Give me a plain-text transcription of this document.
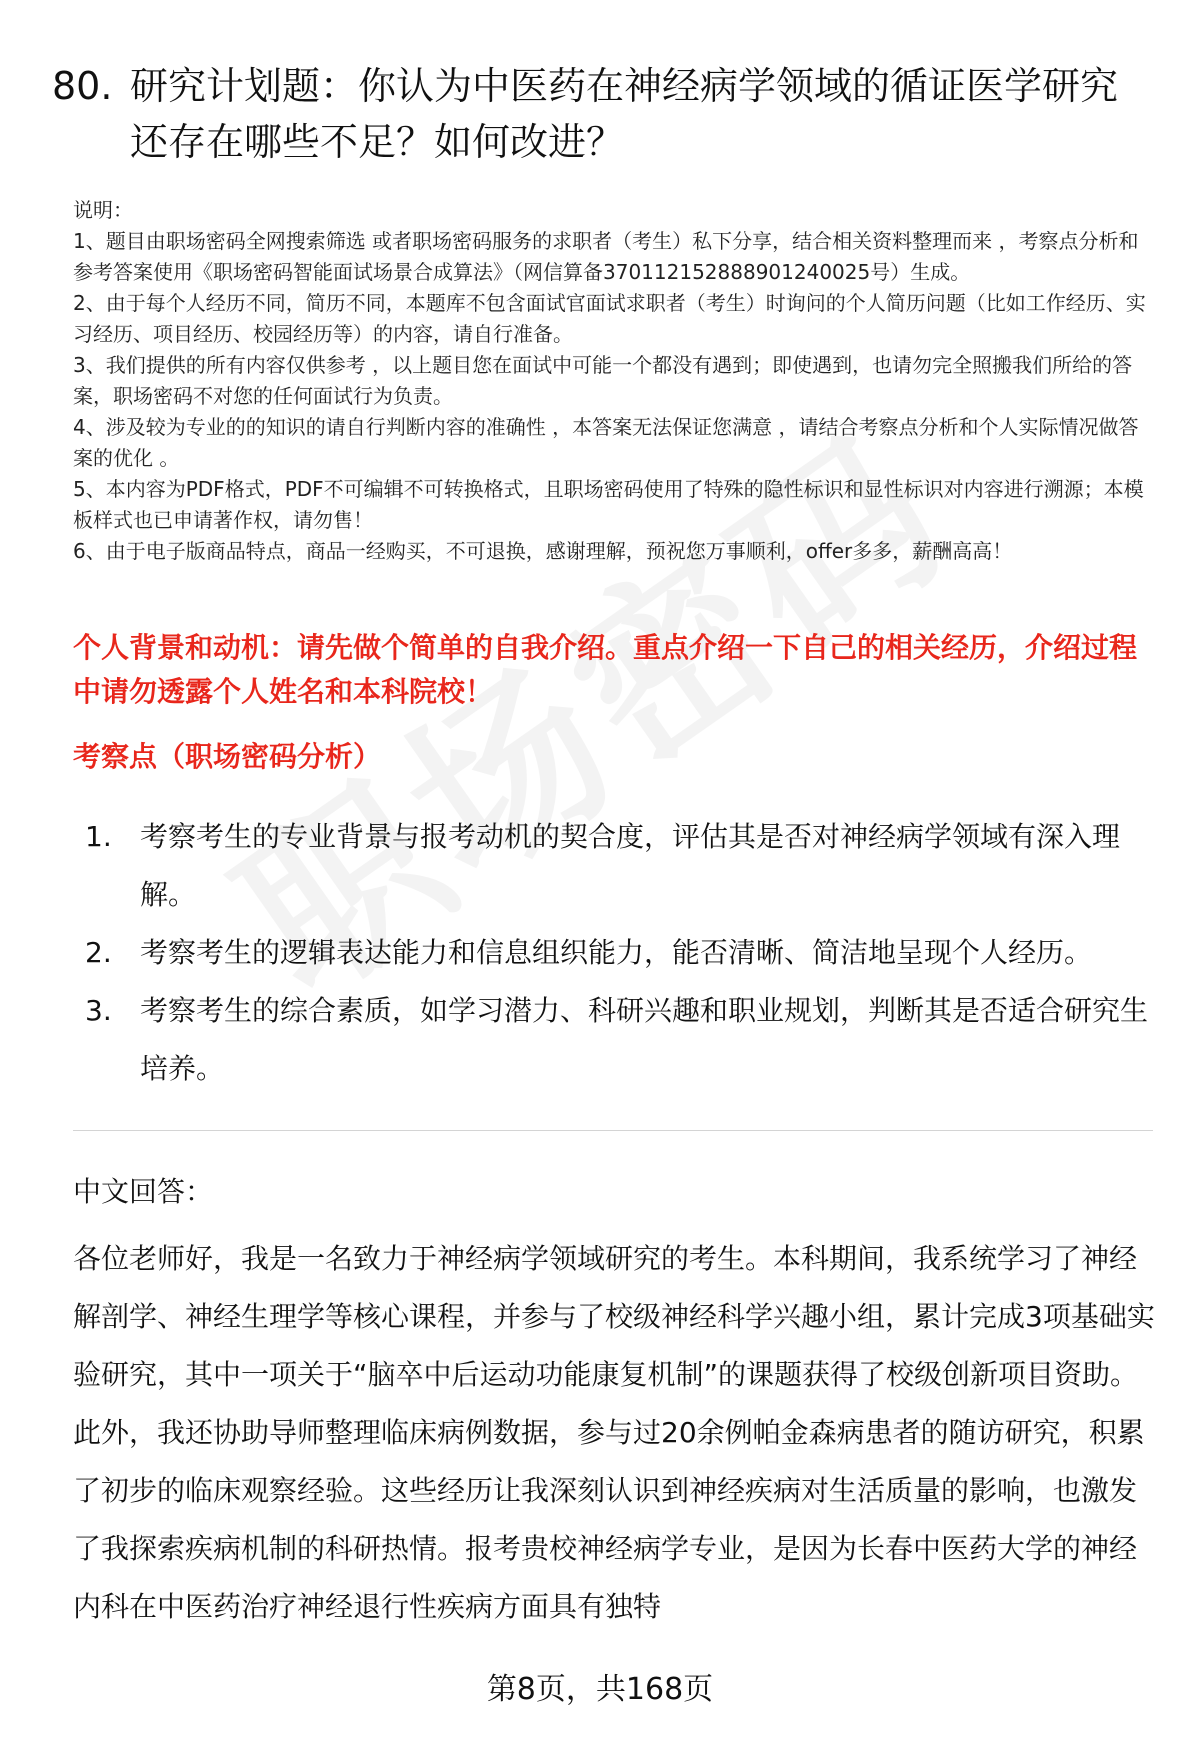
80. 研究计划题：你认为中医药在神经病学领域的循证医学研究还存在哪些不足？如何改进？
说明：
1、题目由职场密码全网搜索筛选 或者职场密码服务的求职者（考生）私下分享，结合相关资料整理而来 ，考察点分析和参考答案使用《职场密码智能面试场景合成算法》（网信算备370112152888901240025号）生成。
2、由于每个人经历不同，简历不同，本题库不包含面试官面试求职者（考生）时询问的个人简历问题（比如工作经历、实习经历、项目经历、校园经历等）的内容，请自行准备。
3、我们提供的所有内容仅供参考 ，以上题目您在面试中可能一个都没有遇到；即使遇到，也请勿完全照搬我们所给的答案，职场密码不对您的任何面试行为负责。
4、涉及较为专业的的知识的请自行判断内容的准确性 ，本答案无法保证您满意 ，请结合考察点分析和个人实际情况做答案的优化 。
5、本内容为PDF格式，PDF不可编辑不可转换格式，且职场密码使用了特殊的隐性标识和显性标识对内容进行溯源；本模板样式也已申请著作权，请勿售！
6、由于电子版商品特点，商品一经购买，不可退换，感谢理解，预祝您万事顺利，offer多多，薪酬高高！
个人背景和动机：请先做个简单的自我介绍。重点介绍一下自己的相关经历，介绍过程中请勿透露个人姓名和本科院校！
考察点（职场密码分析）
1.	考察考生的专业背景与报考动机的契合度，评估其是否对神经病学领域有深入理解。
2.	考察考生的逻辑表达能力和信息组织能力，能否清晰、简洁地呈现个人经历。
3.	考察考生的综合素质，如学习潜力、科研兴趣和职业规划，判断其是否适合研究生培养。

中文回答：

各位老师好，我是一名致力于神经病学领域研究的考生。本科期间，我系统学习了神经解剖学、神经生理学等核心课程，并参与了校级神经科学兴趣小组，累计完成3项基础实验研究，其中一项关于“脑卒中后运动功能康复机制”的课题获得了校级创新项目资助。此外，我还协助导师整理临床病例数据，参与过20余例帕金森病患者的随访研究，积累了初步的临床观察经验。这些经历让我深刻认识到神经疾病对生活质量的影响，也激发了我探索疾病机制的科研热情。报考贵校神经病学专业，是因为长春中医药大学的神经内科在中医药治疗神经退行性疾病方面具有独特

第8页，共168页
